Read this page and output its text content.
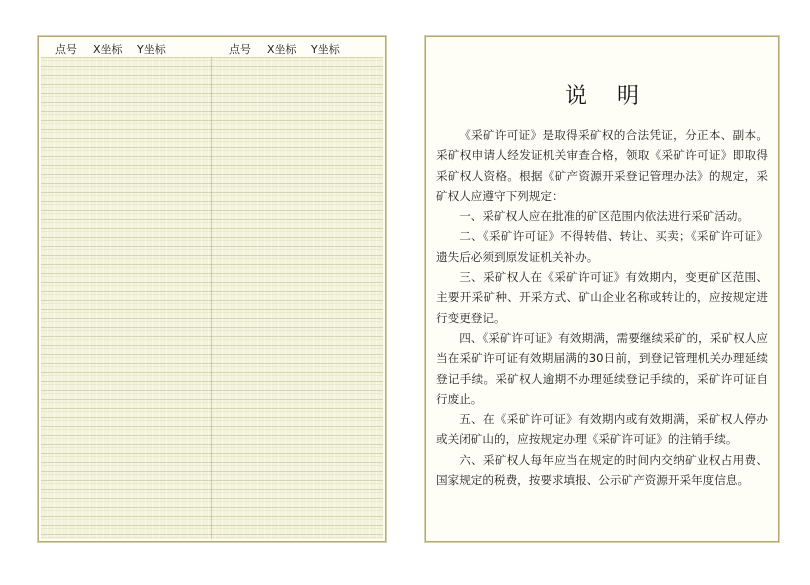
点号 X坐标 Y坐标	点号 X坐标 Y坐标
说明

《采矿许可证》是取得采矿权的合法凭证，分正本、副本。采矿权申请人经发证机关审查合格，领取《采矿许可证》即取得采矿权人资格。根据《矿产资源开采登记管理办法》的规定，采矿权人应遵守下列规定：

一、采矿权人应在批准的矿区范围内依法进行采矿活动。

二、《采矿许可证》不得转借、转让、买卖；《采矿许可证》遗失后必须到原发证机关补办。

三、采矿权人在《采矿许可证》有效期内，变更矿区范围、主要开采矿种、开采方式、矿山企业名称或转让的，应按规定进行变更登记。

四、《采矿许可证》有效期满，需要继续采矿的，采矿权人应当在采矿许可证有效期届满的30日前，到登记管理机关办理延续登记手续。采矿权人逾期不办理延续登记手续的，采矿许可证自行废止。

五、在《采矿许可证》有效期内或有效期满，采矿权人停办或关闭矿山的，应按规定办理《采矿许可证》的注销手续。

六、采矿权人每年应当在规定的时间内交纳矿业权占用费、国家规定的税费，按要求填报、公示矿产资源开采年度信息。
